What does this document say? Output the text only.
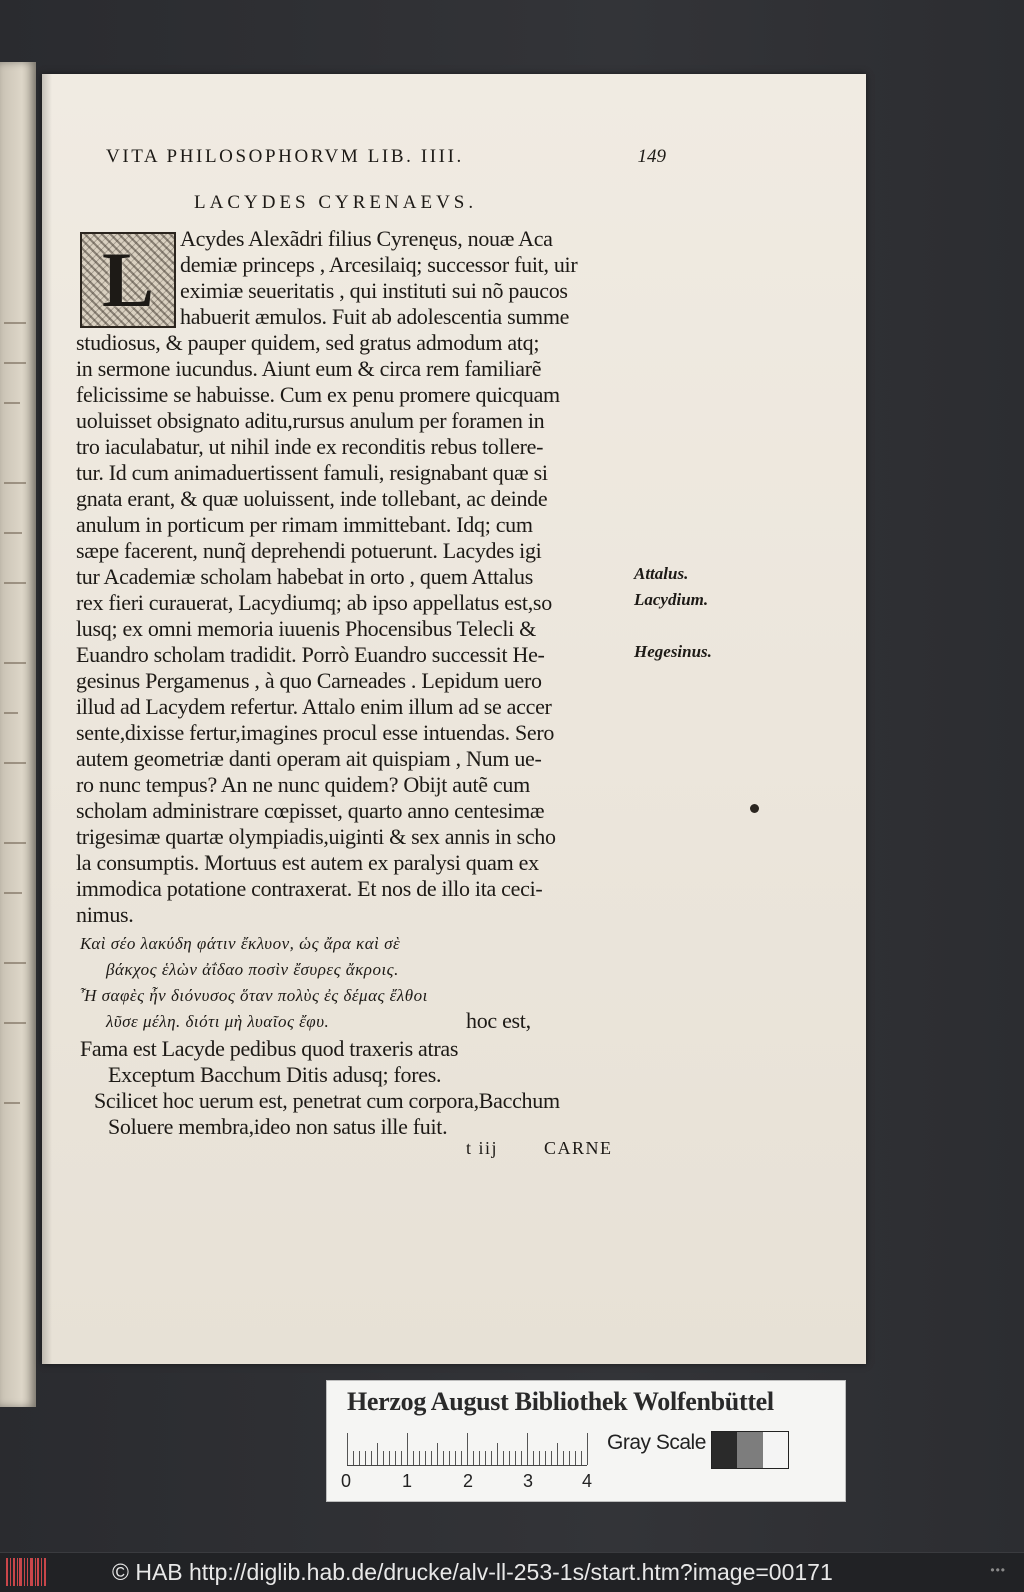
VITA PHILOSOPHORVM LIB. IIII.	149
LACYDES CYRENAEVS.
L Acydes Alexãdri filius Cyrenęus, nouæ Aca
demiæ princeps , Arcesilaiq; successor fuit, uir
eximiæ seueritatis , qui instituti sui nõ paucos
habuerit æmulos. Fuit ab adolescentia summe
studiosus, & pauper quidem, sed gratus admodum atq;
in sermone iucundus. Aiunt eum & circa rem familiarẽ
felicissime se habuisse. Cum ex penu promere quicquam
uoluisset obsignato aditu,rursus anulum per foramen in
tro iaculabatur, ut nihil inde ex reconditis rebus tollere-
tur. Id cum animaduertissent famuli, resignabant quæ si
gnata erant, & quæ uoluissent, inde tollebant, ac deinde
anulum in porticum per rimam immittebant. Idq; cum
sæpe facerent, nunq̃ deprehendi potuerunt. Lacydes igi
tur Academiæ scholam habebat in orto , quem Attalus
rex fieri curauerat, Lacydiumq; ab ipso appellatus est,so
lusq; ex omni memoria iuuenis Phocensibus Telecli &
Euandro scholam tradidit. Porrò Euandro successit He-
gesinus Pergamenus , à quo Carneades . Lepidum uero
illud ad Lacydem refertur. Attalo enim illum ad se accer
sente,dixisse fertur,imagines procul esse intuendas. Sero
autem geometriæ danti operam ait quispiam , Num ue-
ro nunc tempus? An ne nunc quidem? Obijt autẽ cum
scholam administrare cœpisset, quarto anno centesimæ
trigesimæ quartæ olympiadis,uiginti & sex annis in scho
la consumptis. Mortuus est autem ex paralysi quam ex
immodica potatione contraxerat. Et nos de illo ita ceci-
nimus.
Attalus.
Lacydium.
Hegesinus.
Καὶ σέο λακύδη φάτιν ἔκλυον, ὡς ἄρα καὶ σὲ
βάκχος ἑλὼν ἀΐδαο ποσὶν ἔσυρες ἄκροις.
Ἦ σαφὲς ἦν διόνυσος ὅταν πολὺς ἐς δέμας ἔλθοι
λῦσε μέλη. διότι μὴ λυαῖος ἔφυ.	hoc est,
Fama est Lacyde pedibus quod traxeris atras
Exceptum Bacchum Ditis adusq; fores.
Scilicet hoc uerum est, penetrat cum corpora,Bacchum
Soluere membra,ideo non satus ille fuit.
t iij	CARNE
Herzog August Bibliothek Wolfenbüttel
0	1	2	3	4
Gray Scale
© HAB http://diglib.hab.de/drucke/alv-ll-253-1s/start.htm?image=00171	•••
